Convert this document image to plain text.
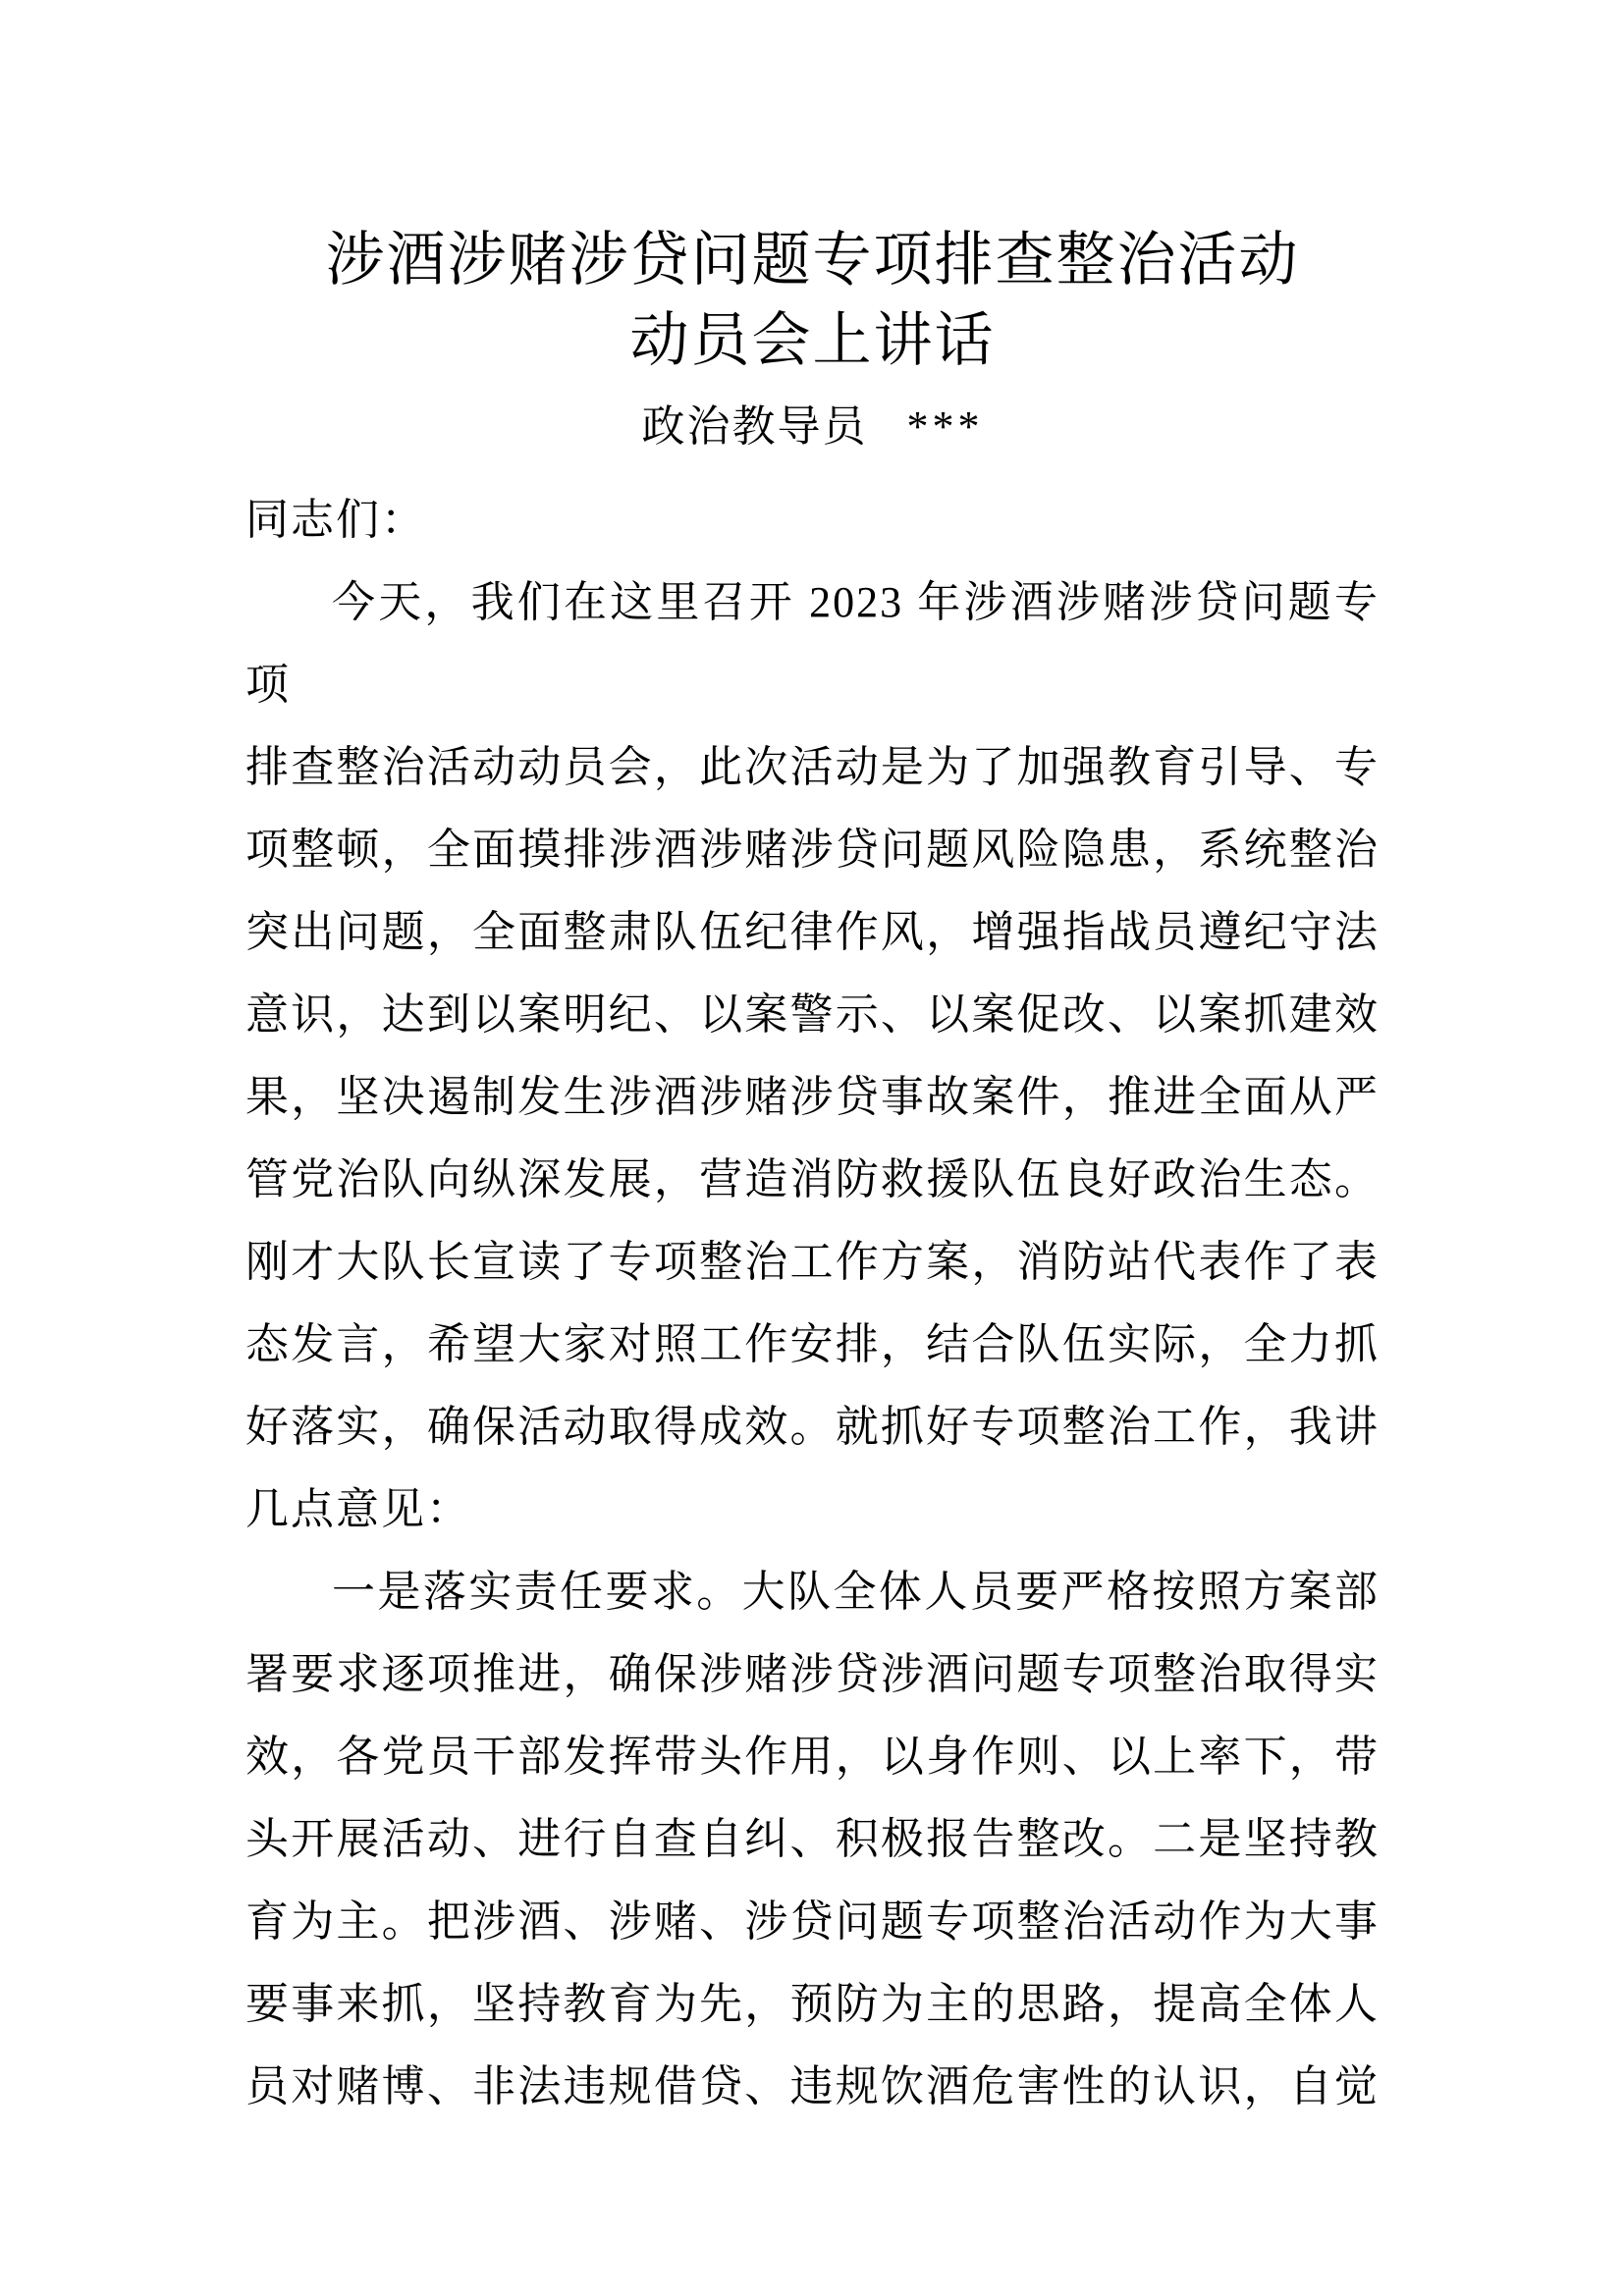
涉酒涉赌涉贷问题专项排查整治活动
动员会上讲话
政治教导员 ***
同志们：
今天，我们在这里召开 2023 年涉酒涉赌涉贷问题专项
排查整治活动动员会，此次活动是为了加强教育引导、专
项整顿，全面摸排涉酒涉赌涉贷问题风险隐患，系统整治
突出问题，全面整肃队伍纪律作风，增强指战员遵纪守法
意识，达到以案明纪、以案警示、以案促改、以案抓建效
果，坚决遏制发生涉酒涉赌涉贷事故案件，推进全面从严
管党治队向纵深发展，营造消防救援队伍良好政治生态。
刚才大队长宣读了专项整治工作方案，消防站代表作了表
态发言，希望大家对照工作安排，结合队伍实际，全力抓
好落实，确保活动取得成效。就抓好专项整治工作，我讲
几点意见：
一是落实责任要求。大队全体人员要严格按照方案部
署要求逐项推进，确保涉赌涉贷涉酒问题专项整治取得实
效，各党员干部发挥带头作用，以身作则、以上率下，带
头开展活动、进行自查自纠、积极报告整改。二是坚持教
育为主。把涉酒、涉赌、涉贷问题专项整治活动作为大事
要事来抓，坚持教育为先，预防为主的思路，提高全体人
员对赌博、非法违规借贷、违规饮酒危害性的认识，自觉
